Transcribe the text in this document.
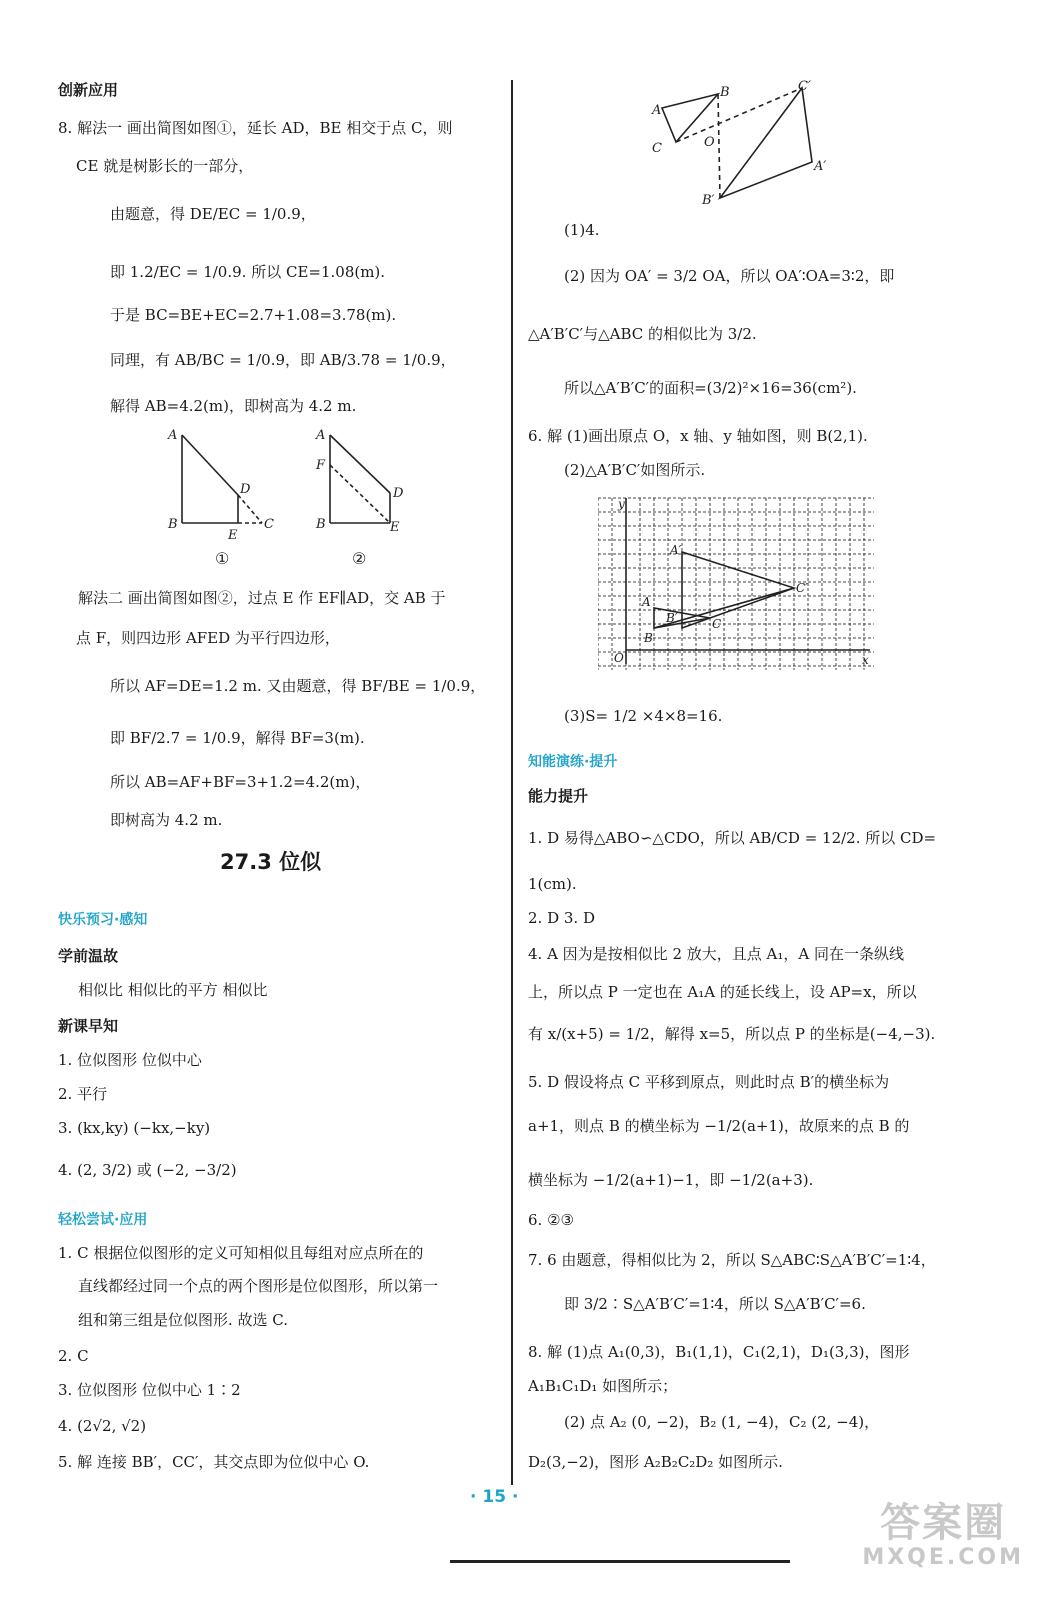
创新应用
8. 解法一 画出简图如图①，延长 AD，BE 相交于点 C，则
CE 就是树影长的一部分，
由题意，得 DE/EC = 1/0.9，
即 1.2/EC = 1/0.9. 所以 CE=1.08(m).
于是 BC=BE+EC=2.7+1.08=3.78(m).
同理，有 AB/BC = 1/0.9，即 AB/3.78 = 1/0.9，
解得 AB=4.2(m)，即树高为 4.2 m.
解法二 画出简图如图②，过点 E 作 EF∥AD，交 AB 于
点 F，则四边形 AFED 为平行四边形，
所以 AF=DE=1.2 m. 又由题意，得 BF/BE = 1/0.9，
即 BF/2.7 = 1/0.9，解得 BF=3(m).
所以 AB=AF+BF=3+1.2=4.2(m)，
即树高为 4.2 m.
快乐预习·感知
学前温故
相似比 相似比的平方 相似比
新课早知
1. 位似图形 位似中心
2. 平行
3. (kx,ky) (−kx,−ky)
4. (2, 3/2) 或 (−2, −3/2)
轻松尝试·应用
1. C 根据位似图形的定义可知相似且每组对应点所在的
直线都经过同一个点的两个图形是位似图形，所以第一
组和第三组是位似图形. 故选 C.
2. C
3. 位似图形 位似中心 1∶2
4. (2√2, √2)
5. 解 连接 BB′，CC′，其交点即为位似中心 O.
(1)4.
(2) 因为 OA′ = 3/2 OA，所以 OA′∶OA=3∶2，即
△A′B′C′与△ABC 的相似比为 3/2.
所以△A′B′C′的面积=(3/2)²×16=36(cm²).
6. 解 (1)画出原点 O，x 轴、y 轴如图，则 B(2,1).
(2)△A′B′C′如图所示.
(3)S= 1/2 ×4×8=16.
知能演练·提升
能力提升
1. D 易得△ABO∽△CDO，所以 AB/CD = 12/2. 所以 CD=
1(cm).
2. D 3. D
4. A 因为是按相似比 2 放大，且点 A₁，A 同在一条纵线
上，所以点 P 一定也在 A₁A 的延长线上，设 AP=x，所以
有 x/(x+5) = 1/2，解得 x=5，所以点 P 的坐标是(−4,−3).
5. D 假设将点 C 平移到原点，则此时点 B′的横坐标为
a+1，则点 B 的横坐标为 −1/2(a+1)，故原来的点 B 的
横坐标为 −1/2(a+1)−1，即 −1/2(a+3).
6. ②③
7. 6 由题意，得相似比为 2，所以 S△ABC∶S△A′B′C′=1∶4，
即 3/2∶S△A′B′C′=1∶4，所以 S△A′B′C′=6.
8. 解 (1)点 A₁(0,3)，B₁(1,1)，C₁(2,1)，D₁(3,3)，图形
A₁B₁C₁D₁ 如图所示；
(2) 点 A₂ (0, −2)，B₂ (1, −4)，C₂ (2, −4)，
D₂(3,−2)，图形 A₂B₂C₂D₂ 如图所示.
27.3 位似
A
B
D
E
C
A
F
B
D
E
①	②
A
B
C	O
C′
A′
B′
y
x
O
A′
A
B′
B
C
C′
· 15 ·
答案圈
MXQE.COM
